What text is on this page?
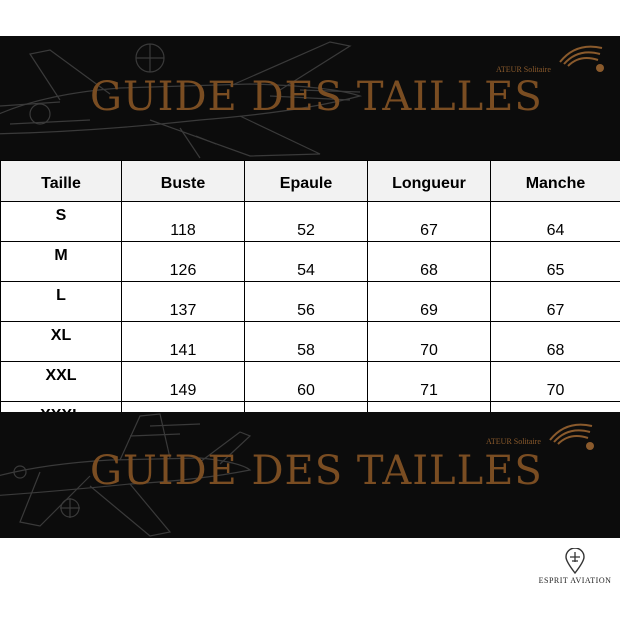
ATEUR Solitaire
GUIDE DES TAILLES
Taille	Buste	Epaule	Longueur	Manche
S	118	52	67	64
M	126	54	68	65
L	137	56	69	67
XL	141	58	70	68
XXL	149	60	71	70

ATEUR Solitaire
GUIDE DES TAILLES
ESPRIT AVIATION
